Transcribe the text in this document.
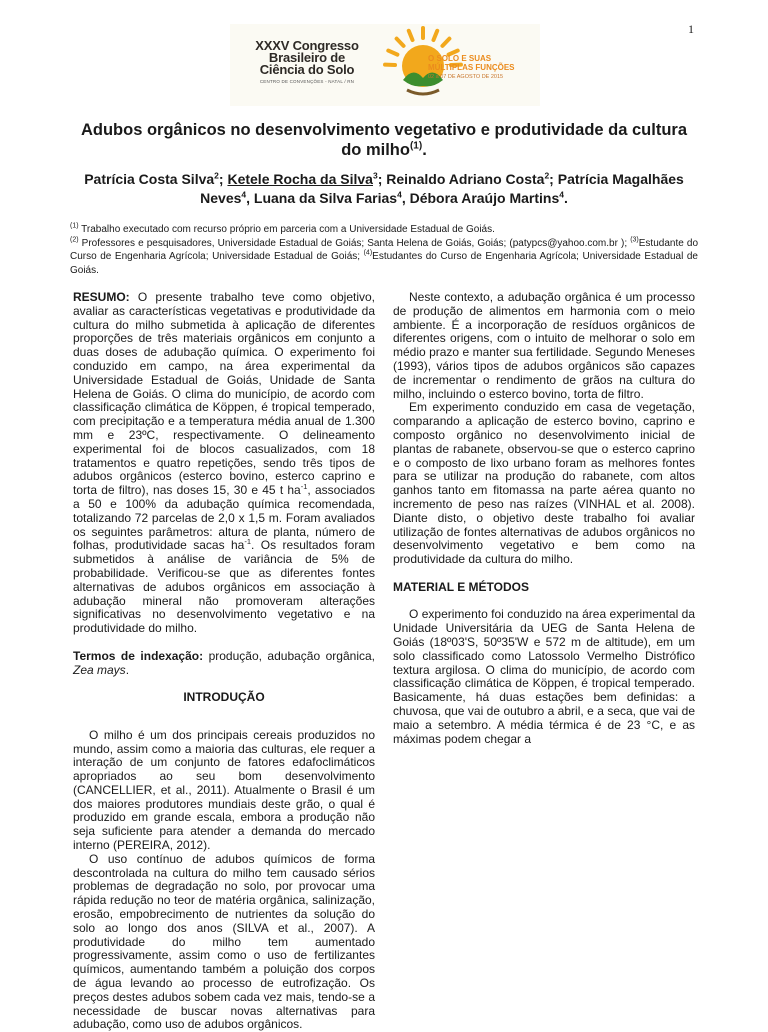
1
XXXV Congresso
Brasileiro de
Ciência do Solo
CENTRO DE CONVENÇÕES - NATAL / RN
O SOLO E SUAS
MÚLTIPLAS FUNÇÕES
02 a 07 DE AGOSTO DE 2015
Adubos orgânicos no desenvolvimento vegetativo e produtividade da cultura do milho$^{(1)}$.

Patrícia Costa Silva$^2$; Ketele Rocha da Silva$^3$; Reinaldo Adriano Costa$^2$; Patrícia Magalhães Neves$^4$, Luana da Silva Farias$^4$, Débora Araújo Martins$^4$.

$^{(1)}$ Trabalho executado com recurso próprio em parceria com a Universidade Estadual de Goiás.

$^{(2)}$ Professores e pesquisadores, Universidade Estadual de Goiás; Santa Helena de Goiás, Goiás; (patypcs@yahoo.com.br ); $^{(3)}$Estudante do Curso de Engenharia Agrícola; Universidade Estadual de Goiás; $^{(4)}$Estudantes do Curso de Engenharia Agrícola; Universidade Estadual de Goiás.

RESUMO: O presente trabalho teve como objetivo, avaliar as características vegetativas e produtividade da cultura do milho submetida à aplicação de diferentes proporções de três materiais orgânicos em conjunto a duas doses de adubação química. O experimento foi conduzido em campo, na área experimental da Universidade Estadual de Goiás, Unidade de Santa Helena de Goiás. O clima do município, de acordo com classificação climática de Köppen, é tropical temperado, com precipitação e a temperatura média anual de 1.300 mm e 23ºC, respectivamente. O delineamento experimental foi de blocos casualizados, com 18 tratamentos e quatro repetições, sendo três tipos de adubos orgânicos (esterco bovino, esterco caprino e torta de filtro), nas doses 15, 30 e 45 t $ha^{-1}$, associados a 50 e 100% da adubação química recomendada, totalizando 72 parcelas de 2,0 x 1,5 m. Foram avaliados os seguintes parâmetros: altura de planta, número de folhas, produtividade sacas $ha^{-1}$. Os resultados foram submetidos à análise de variância de 5% de probabilidade. Verificou-se que as diferentes fontes alternativas de adubos orgânicos em associação à adubação mineral não promoveram alterações significativas no desenvolvimento vegetativo e na produtividade do milho.

Termos de indexação: produção, adubação orgânica, Zea mays.

INTRODUÇÃO

O milho é um dos principais cereais produzidos no mundo, assim como a maioria das culturas, ele requer a interação de um conjunto de fatores edafoclimáticos apropriados ao seu bom desenvolvimento (CANCELLIER, et al., 2011). Atualmente o Brasil é um dos maiores produtores mundiais deste grão, o qual é produzido em grande escala, embora a produção não seja suficiente para atender a demanda do mercado interno (PEREIRA, 2012).

O uso contínuo de adubos químicos de forma descontrolada na cultura do milho tem causado sérios problemas de degradação no solo, por provocar uma rápida redução no teor de matéria orgânica, salinização, erosão, empobrecimento de nutrientes da solução do solo ao longo dos anos (SILVA et al., 2007). A produtividade do milho tem aumentado progressivamente, assim como o uso de fertilizantes químicos, aumentando também a poluição dos corpos de água levando ao processo de eutrofização. Os preços destes adubos sobem cada vez mais, tendo-se a necessidade de buscar novas alternativas para adubação, como uso de adubos orgânicos.

Neste contexto, a adubação orgânica é um processo de produção de alimentos em harmonia com o meio ambiente. É a incorporação de resíduos orgânicos de diferentes origens, com o intuito de melhorar o solo em médio prazo e manter sua fertilidade. Segundo Meneses (1993), vários tipos de adubos orgânicos são capazes de incrementar o rendimento de grãos na cultura do milho, incluindo o esterco bovino, torta de filtro.

Em experimento conduzido em casa de vegetação, comparando a aplicação de esterco bovino, caprino e composto orgânico no desenvolvimento inicial de plantas de rabanete, observou-se que o esterco caprino e o composto de lixo urbano foram as melhores fontes para se utilizar na produção do rabanete, com altos ganhos tanto em fitomassa na parte aérea quanto no incremento de peso nas raízes (VINHAL et al. 2008). Diante disto, o objetivo deste trabalho foi avaliar utilização de fontes alternativas de adubos orgânicos no desenvolvimento vegetativo e bem como na produtividade da cultura do milho.

MATERIAL E MÉTODOS

O experimento foi conduzido na área experimental da Unidade Universitária da UEG de Santa Helena de Goiás (18º03'S, 50º35'W e 572 m de altitude), em um solo classificado como Latossolo Vermelho Distrófico textura argilosa. O clima do município, de acordo com classificação climática de Köppen, é tropical temperado. Basicamente, há duas estações bem definidas: a chuvosa, que vai de outubro a abril, e a seca, que vai de maio a setembro. A média térmica é de 23 °C, e as máximas podem chegar a
